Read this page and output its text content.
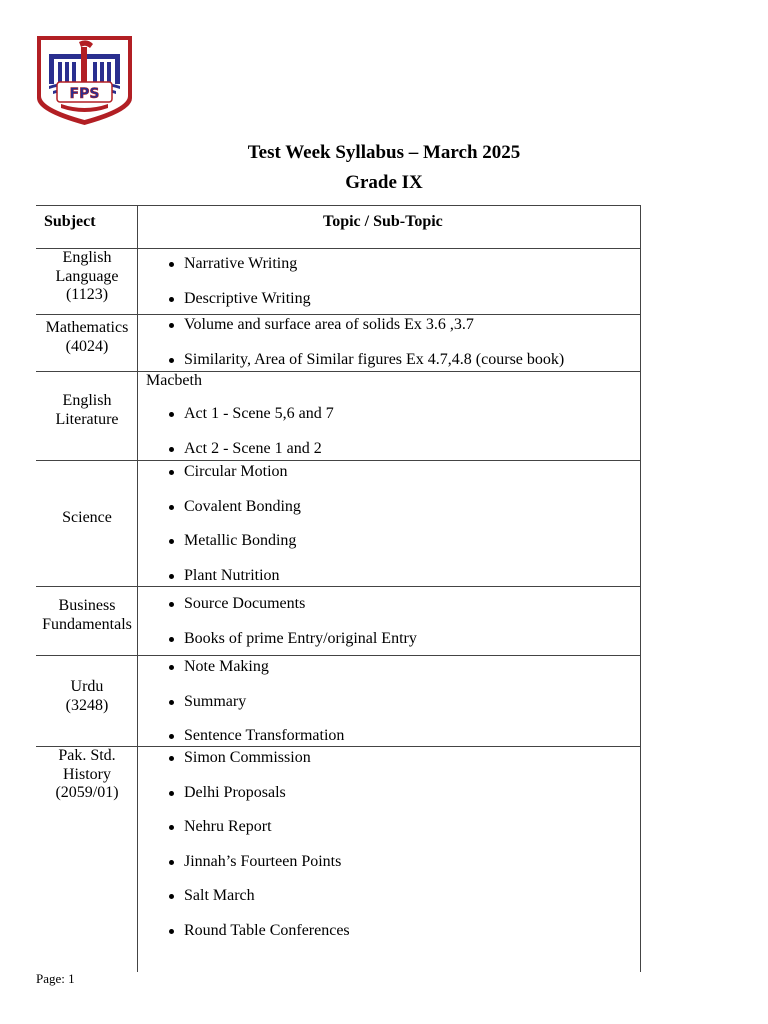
FPS
Test Week Syllabus – March 2025
Grade IX
Subject	Topic / Sub-Topic
English
Language
(1123)
Narrative Writing
Descriptive Writing
Mathematics
(4024)
Volume and surface area of solids Ex 3.6 ,3.7
Similarity, Area of Similar figures Ex 4.7,4.8 (course book)
English
Literature
Macbeth
Act 1 - Scene 5,6 and 7
Act 2 - Scene 1 and 2
Science
Circular Motion
Covalent Bonding
Metallic Bonding
Plant Nutrition
Business
Fundamentals
Source Documents
Books of prime Entry/original Entry
Urdu
(3248)
Note Making
Summary
Sentence Transformation
Pak. Std.
History
(2059/01)
Simon Commission
Delhi Proposals
Nehru Report
Jinnah’s Fourteen Points
Salt March
Round Table Conferences
Page: 1
